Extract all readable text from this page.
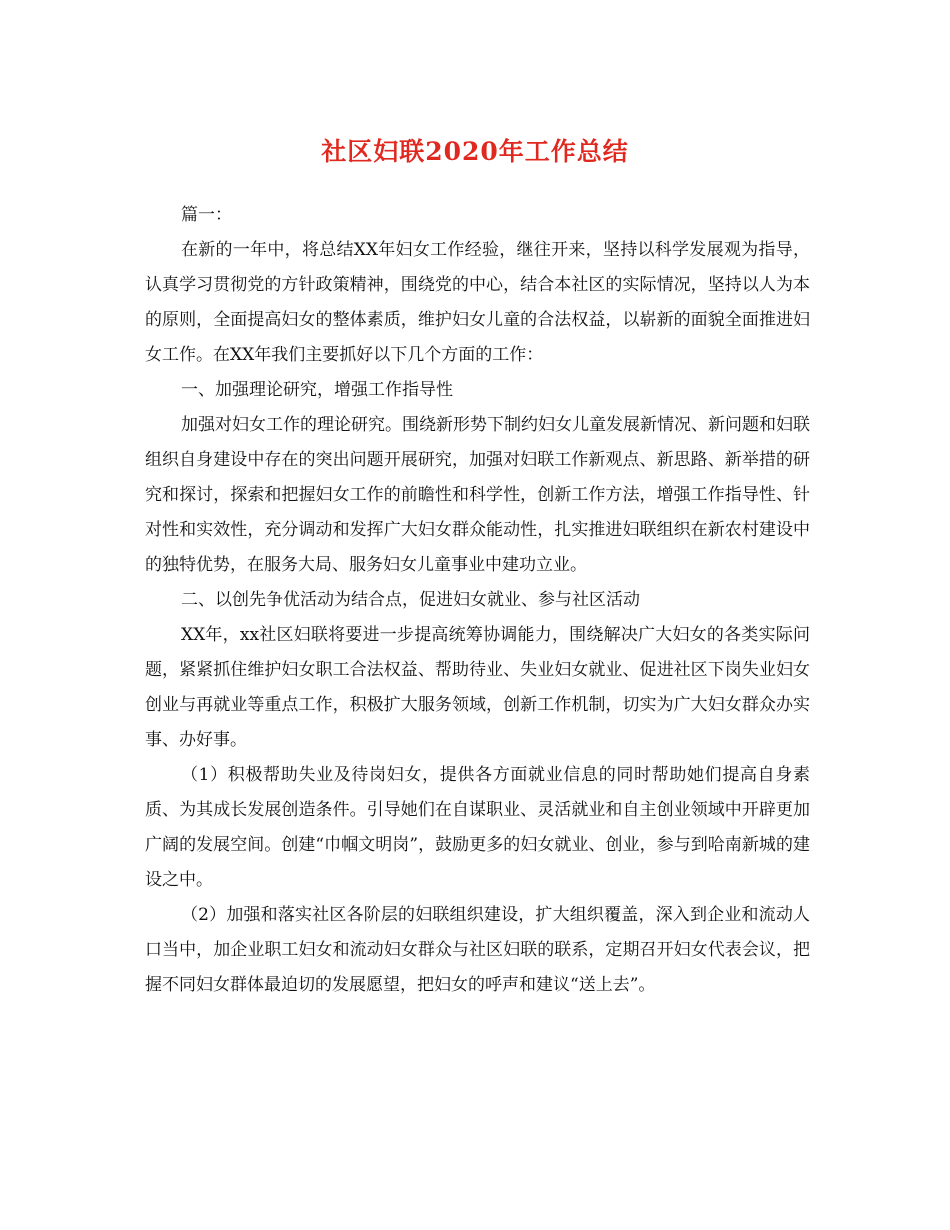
社区妇联2020年工作总结

篇一：

在新的一年中，将总结XX年妇女工作经验，继往开来，坚持以科学发展观为指导，认真学习贯彻党的方针政策精神，围绕党的中心，结合本社区的实际情况，坚持以人为本的原则，全面提高妇女的整体素质，维护妇女儿童的合法权益，以崭新的面貌全面推进妇女工作。在XX年我们主要抓好以下几个方面的工作：

一、加强理论研究，增强工作指导性

加强对妇女工作的理论研究。围绕新形势下制约妇女儿童发展新情况、新问题和妇联组织自身建设中存在的突出问题开展研究，加强对妇联工作新观点、新思路、新举措的研究和探讨，探索和把握妇女工作的前瞻性和科学性，创新工作方法，增强工作指导性、针对性和实效性，充分调动和发挥广大妇女群众能动性，扎实推进妇联组织在新农村建设中的独特优势，在服务大局、服务妇女儿童事业中建功立业。

二、以创先争优活动为结合点，促进妇女就业、参与社区活动

XX年，xx社区妇联将要进一步提高统筹协调能力，围绕解决广大妇女的各类实际问题，紧紧抓住维护妇女职工合法权益、帮助待业、失业妇女就业、促进社区下岗失业妇女创业与再就业等重点工作，积极扩大服务领域，创新工作机制，切实为广大妇女群众办实事、办好事。

（1）积极帮助失业及待岗妇女，提供各方面就业信息的同时帮助她们提高自身素质、为其成长发展创造条件。引导她们在自谋职业、灵活就业和自主创业领域中开辟更加广阔的发展空间。创建“巾帼文明岗”，鼓励更多的妇女就业、创业，参与到哈南新城的建设之中。

（2）加强和落实社区各阶层的妇联组织建设，扩大组织覆盖，深入到企业和流动人口当中，加企业职工妇女和流动妇女群众与社区妇联的联系，定期召开妇女代表会议，把握不同妇女群体最迫切的发展愿望，把妇女的呼声和建议“送上去”。
